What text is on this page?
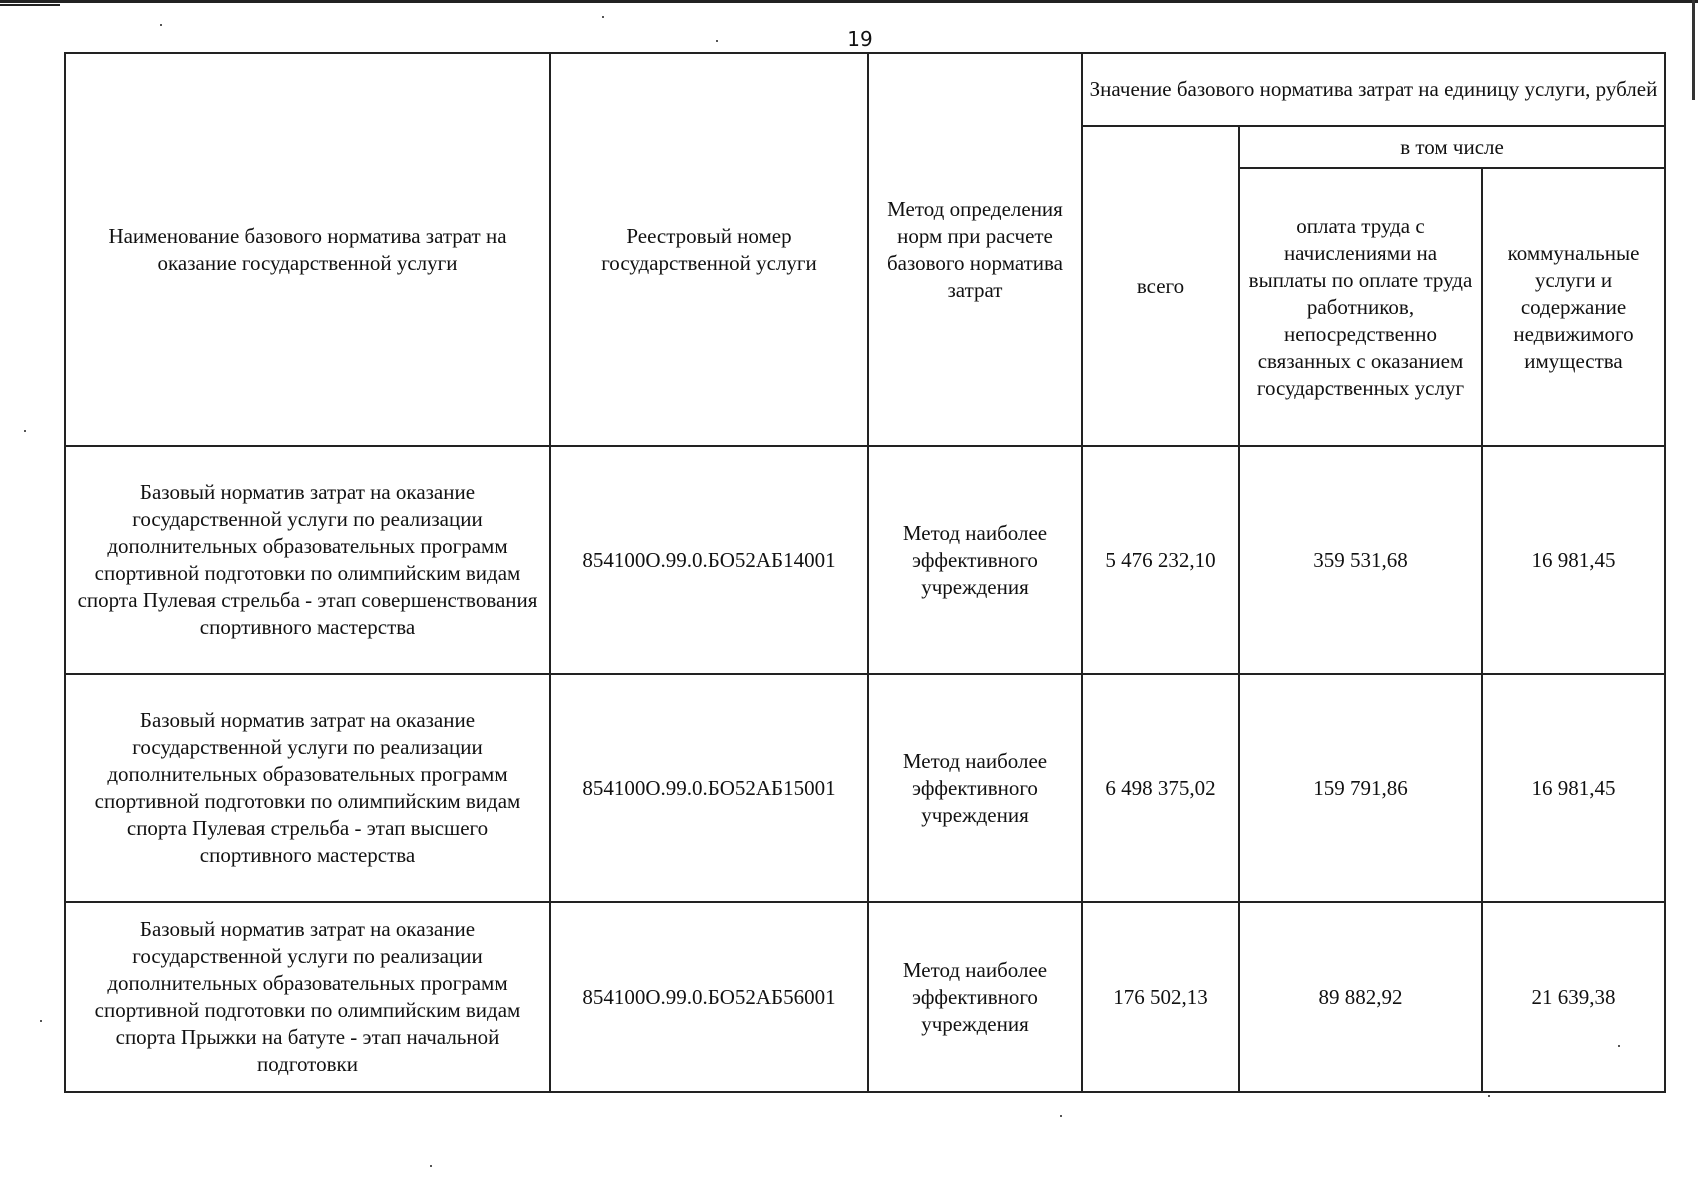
19
Наименование базового норматива затрат на оказание государственной услуги	Реестровый номер государственной услуги	Метод определения норм при расчете базового норматива затрат	Значение базового норматива затрат на единицу услуги, рублей		
			всего	в том числе	
				оплата труда с начислениями на выплаты по оплате труда работников, непосредственно связанных с оказанием государственных услуг	коммунальные услуги и содержание недвижимого имущества
Базовый норматив затрат на оказание государственной услуги по реализации дополнительных образовательных программ спортивной подготовки по олимпийским видам спорта Пулевая стрельба - этап совершенствования спортивного мастерства	854100О.99.0.БО52АБ14001	Метод наиболее эффективного учреждения	5 476 232,10	359 531,68	16 981,45
Базовый норматив затрат на оказание государственной услуги по реализации дополнительных образовательных программ спортивной подготовки по олимпийским видам спорта Пулевая стрельба - этап высшего спортивного мастерства	854100О.99.0.БО52АБ15001	Метод наиболее эффективного учреждения	6 498 375,02	159 791,86	16 981,45
Базовый норматив затрат на оказание государственной услуги по реализации дополнительных образовательных программ спортивной подготовки по олимпийским видам спорта Прыжки на батуте - этап начальной подготовки	854100О.99.0.БО52АБ56001	Метод наиболее эффективного учреждения	176 502,13	89 882,92	21 639,38
